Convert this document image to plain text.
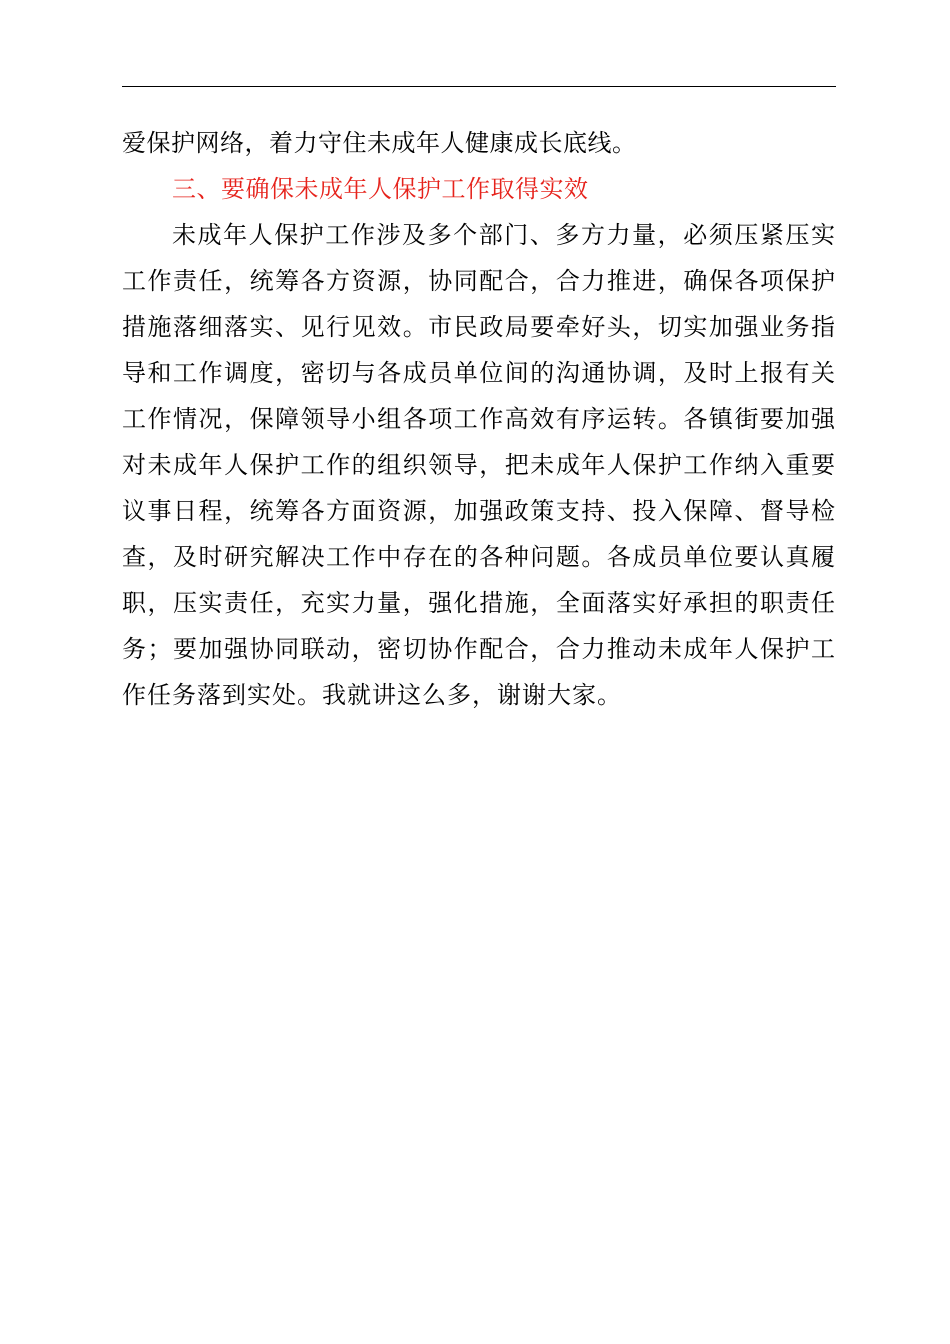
爱保护网络，着力守住未成年人健康成长底线。

三、要确保未成年人保护工作取得实效

未成年人保护工作涉及多个部门、多方力量，必须压紧压实工作责任，统筹各方资源，协同配合，合力推进，确保各项保护措施落细落实、见行见效。市民政局要牵好头，切实加强业务指导和工作调度，密切与各成员单位间的沟通协调，及时上报有关工作情况，保障领导小组各项工作高效有序运转。各镇街要加强对未成年人保护工作的组织领导，把未成年人保护工作纳入重要议事日程，统筹各方面资源，加强政策支持、投入保障、督导检查，及时研究解决工作中存在的各种问题。各成员单位要认真履职，压实责任，充实力量，强化措施，全面落实好承担的职责任务；要加强协同联动，密切协作配合，合力推动未成年人保护工作任务落到实处。我就讲这么多，谢谢大家。
